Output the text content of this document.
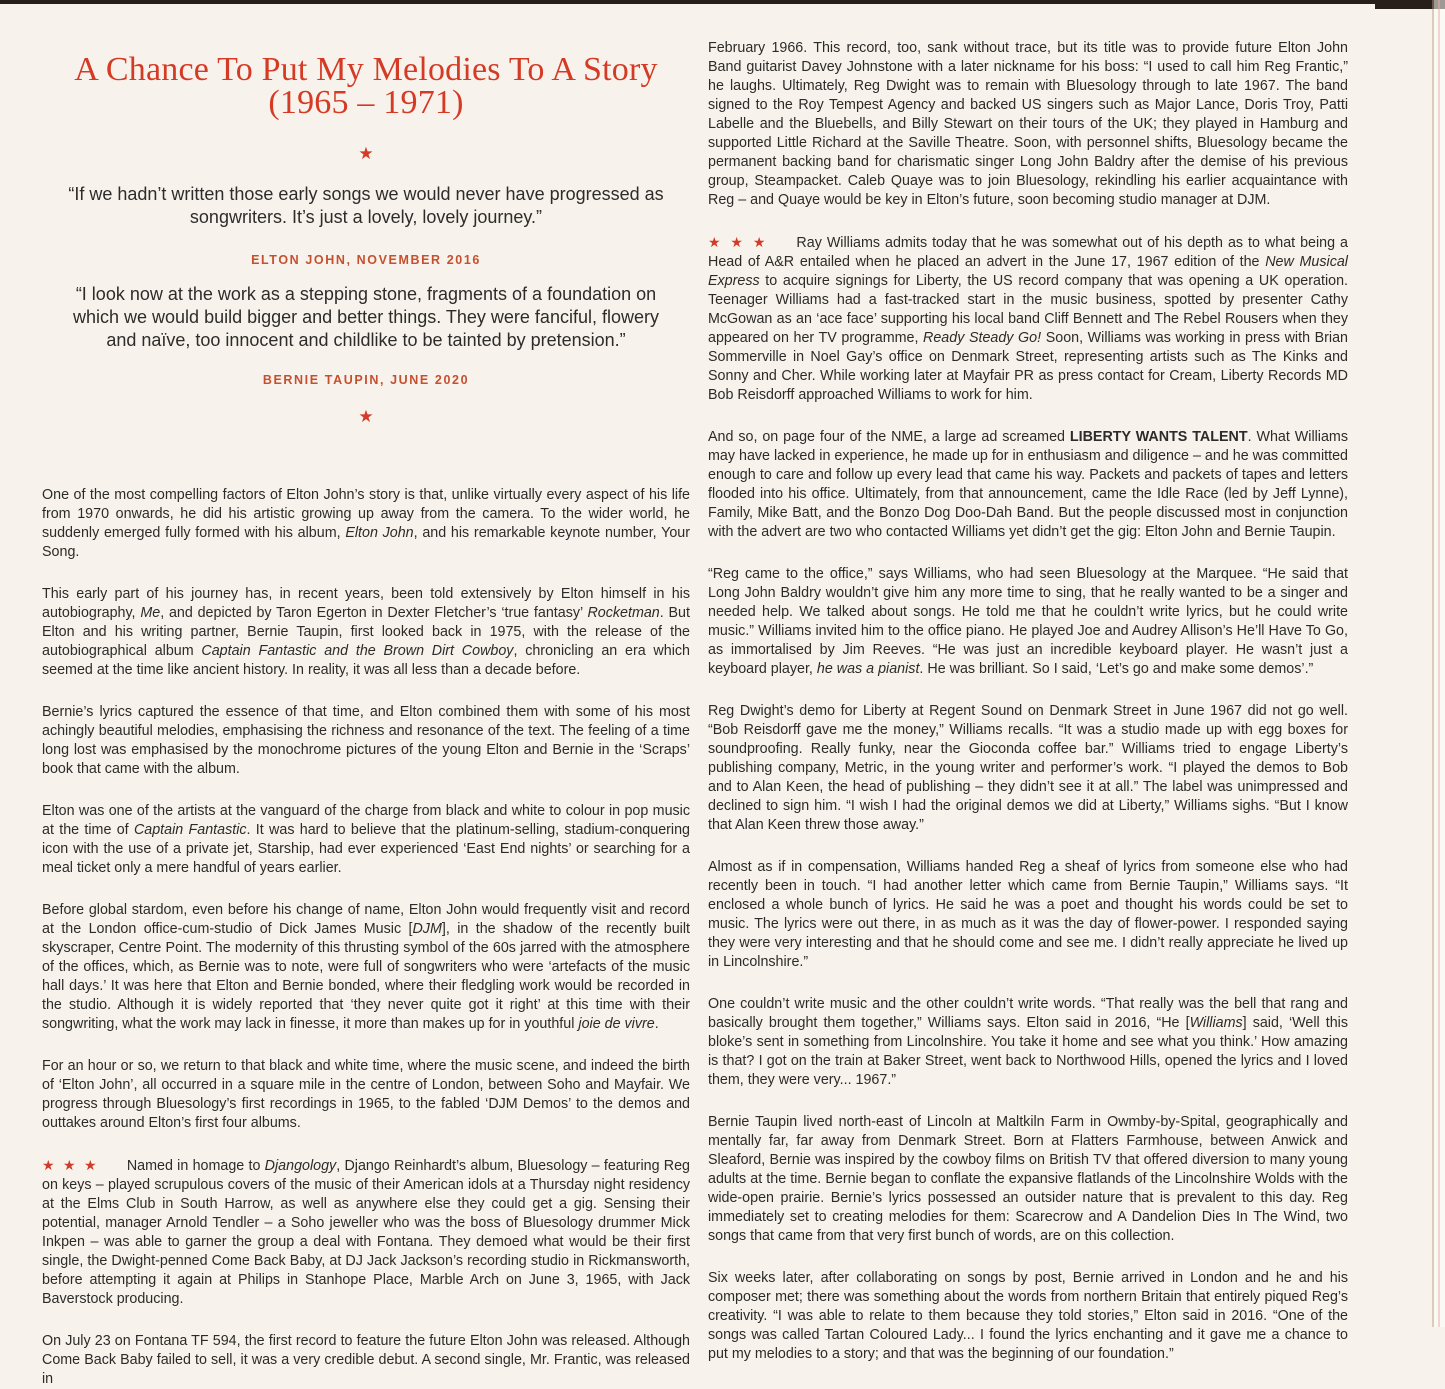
A Chance To Put My Melodies To A Story
(1965 – 1971)
★
“If we hadn’t written those early songs we would never have progressed as songwriters. It’s just a lovely, lovely journey.”
ELTON JOHN, NOVEMBER 2016
“I look now at the work as a stepping stone, fragments of a foundation on which we would build bigger and better things. They were fanciful, flowery and naïve, too innocent and childlike to be tainted by pretension.”
BERNIE TAUPIN, JUNE 2020
★

One of the most compelling factors of Elton John’s story is that, unlike virtually every aspect of his life from 1970 onwards, he did his artistic growing up away from the camera. To the wider world, he suddenly emerged fully formed with his album, Elton John, and his remarkable keynote number, Your Song.

This early part of his journey has, in recent years, been told extensively by Elton himself in his autobiography, Me, and depicted by Taron Egerton in Dexter Fletcher’s ‘true fantasy’ Rocketman. But Elton and his writing partner, Bernie Taupin, first looked back in 1975, with the release of the autobiographical album Captain Fantastic and the Brown Dirt Cowboy, chronicling an era which seemed at the time like ancient history. In reality, it was all less than a decade before.

Bernie’s lyrics captured the essence of that time, and Elton combined them with some of his most achingly beautiful melodies, emphasising the richness and resonance of the text. The feeling of a time long lost was emphasised by the monochrome pictures of the young Elton and Bernie in the ‘Scraps’ book that came with the album.

Elton was one of the artists at the vanguard of the charge from black and white to colour in pop music at the time of Captain Fantastic. It was hard to believe that the platinum-selling, stadium-conquering icon with the use of a private jet, Starship, had ever experienced ‘East End nights’ or searching for a meal ticket only a mere handful of years earlier.

Before global stardom, even before his change of name, Elton John would frequently visit and record at the London office-cum-studio of Dick James Music [DJM], in the shadow of the recently built skyscraper, Centre Point. The modernity of this thrusting symbol of the 60s jarred with the atmosphere of the offices, which, as Bernie was to note, were full of songwriters who were ‘artefacts of the music hall days.’ It was here that Elton and Bernie bonded, where their fledgling work would be recorded in the studio. Although it is widely reported that ‘they never quite got it right’ at this time with their songwriting, what the work may lack in finesse, it more than makes up for in youthful joie de vivre.

For an hour or so, we return to that black and white time, where the music scene, and indeed the birth of ‘Elton John’, all occurred in a square mile in the centre of London, between Soho and Mayfair. We progress through Bluesology’s first recordings in 1965, to the fabled ‘DJM Demos’ to the demos and outtakes around Elton’s first four albums.

★ ★ ★ Named in homage to Djangology, Django Reinhardt’s album, Bluesology – featuring Reg on keys – played scrupulous covers of the music of their American idols at a Thursday night residency at the Elms Club in South Harrow, as well as anywhere else they could get a gig. Sensing their potential, manager Arnold Tendler – a Soho jeweller who was the boss of Bluesology drummer Mick Inkpen – was able to garner the group a deal with Fontana. They demoed what would be their first single, the Dwight-penned Come Back Baby, at DJ Jack Jackson’s recording studio in Rickmansworth, before attempting it again at Philips in Stanhope Place, Marble Arch on June 3, 1965, with Jack Baverstock producing.

On July 23 on Fontana TF 594, the first record to feature the future Elton John was released. Although Come Back Baby failed to sell, it was a very credible debut. A second single, Mr. Frantic, was released in

February 1966. This record, too, sank without trace, but its title was to provide future Elton John Band guitarist Davey Johnstone with a later nickname for his boss: “I used to call him Reg Frantic,” he laughs. Ultimately, Reg Dwight was to remain with Bluesology through to late 1967. The band signed to the Roy Tempest Agency and backed US singers such as Major Lance, Doris Troy, Patti Labelle and the Bluebells, and Billy Stewart on their tours of the UK; they played in Hamburg and supported Little Richard at the Saville Theatre. Soon, with personnel shifts, Bluesology became the permanent backing band for charismatic singer Long John Baldry after the demise of his previous group, Steampacket. Caleb Quaye was to join Bluesology, rekindling his earlier acquaintance with Reg – and Quaye would be key in Elton’s future, soon becoming studio manager at DJM.

★ ★ ★ Ray Williams admits today that he was somewhat out of his depth as to what being a Head of A&R entailed when he placed an advert in the June 17, 1967 edition of the New Musical Express to acquire signings for Liberty, the US record company that was opening a UK operation. Teenager Williams had a fast-tracked start in the music business, spotted by presenter Cathy McGowan as an ‘ace face’ supporting his local band Cliff Bennett and The Rebel Rousers when they appeared on her TV programme, Ready Steady Go! Soon, Williams was working in press with Brian Sommerville in Noel Gay’s office on Denmark Street, representing artists such as The Kinks and Sonny and Cher. While working later at Mayfair PR as press contact for Cream, Liberty Records MD Bob Reisdorff approached Williams to work for him.

And so, on page four of the NME, a large ad screamed LIBERTY WANTS TALENT. What Williams may have lacked in experience, he made up for in enthusiasm and diligence – and he was committed enough to care and follow up every lead that came his way. Packets and packets of tapes and letters flooded into his office. Ultimately, from that announcement, came the Idle Race (led by Jeff Lynne), Family, Mike Batt, and the Bonzo Dog Doo-Dah Band. But the people discussed most in conjunction with the advert are two who contacted Williams yet didn’t get the gig: Elton John and Bernie Taupin.

“Reg came to the office,” says Williams, who had seen Bluesology at the Marquee. “He said that Long John Baldry wouldn’t give him any more time to sing, that he really wanted to be a singer and needed help. We talked about songs. He told me that he couldn’t write lyrics, but he could write music.” Williams invited him to the office piano. He played Joe and Audrey Allison’s He’ll Have To Go, as immortalised by Jim Reeves. “He was just an incredible keyboard player. He wasn’t just a keyboard player, he was a pianist. He was brilliant. So I said, ‘Let’s go and make some demos’.”

Reg Dwight’s demo for Liberty at Regent Sound on Denmark Street in June 1967 did not go well. “Bob Reisdorff gave me the money,” Williams recalls. “It was a studio made up with egg boxes for soundproofing. Really funky, near the Gioconda coffee bar.” Williams tried to engage Liberty’s publishing company, Metric, in the young writer and performer’s work. “I played the demos to Bob and to Alan Keen, the head of publishing – they didn’t see it at all.” The label was unimpressed and declined to sign him. “I wish I had the original demos we did at Liberty,” Williams sighs. “But I know that Alan Keen threw those away.”

Almost as if in compensation, Williams handed Reg a sheaf of lyrics from someone else who had recently been in touch. “I had another letter which came from Bernie Taupin,” Williams says. “It enclosed a whole bunch of lyrics. He said he was a poet and thought his words could be set to music. The lyrics were out there, in as much as it was the day of flower-power. I responded saying they were very interesting and that he should come and see me. I didn’t really appreciate he lived up in Lincolnshire.”

One couldn’t write music and the other couldn’t write words. “That really was the bell that rang and basically brought them together,” Williams says. Elton said in 2016, “He [Williams] said, ‘Well this bloke’s sent in something from Lincolnshire. You take it home and see what you think.’ How amazing is that? I got on the train at Baker Street, went back to Northwood Hills, opened the lyrics and I loved them, they were very... 1967.”

Bernie Taupin lived north-east of Lincoln at Maltkiln Farm in Owmby-by-Spital, geographically and mentally far, far away from Denmark Street. Born at Flatters Farmhouse, between Anwick and Sleaford, Bernie was inspired by the cowboy films on British TV that offered diversion to many young adults at the time. Bernie began to conflate the expansive flatlands of the Lincolnshire Wolds with the wide-open prairie. Bernie’s lyrics possessed an outsider nature that is prevalent to this day. Reg immediately set to creating melodies for them: Scarecrow and A Dandelion Dies In The Wind, two songs that came from that very first bunch of words, are on this collection.

Six weeks later, after collaborating on songs by post, Bernie arrived in London and he and his composer met; there was something about the words from northern Britain that entirely piqued Reg’s creativity. “I was able to relate to them because they told stories,” Elton said in 2016. “One of the songs was called Tartan Coloured Lady... I found the lyrics enchanting and it gave me a chance to put my melodies to a story; and that was the beginning of our foundation.”
